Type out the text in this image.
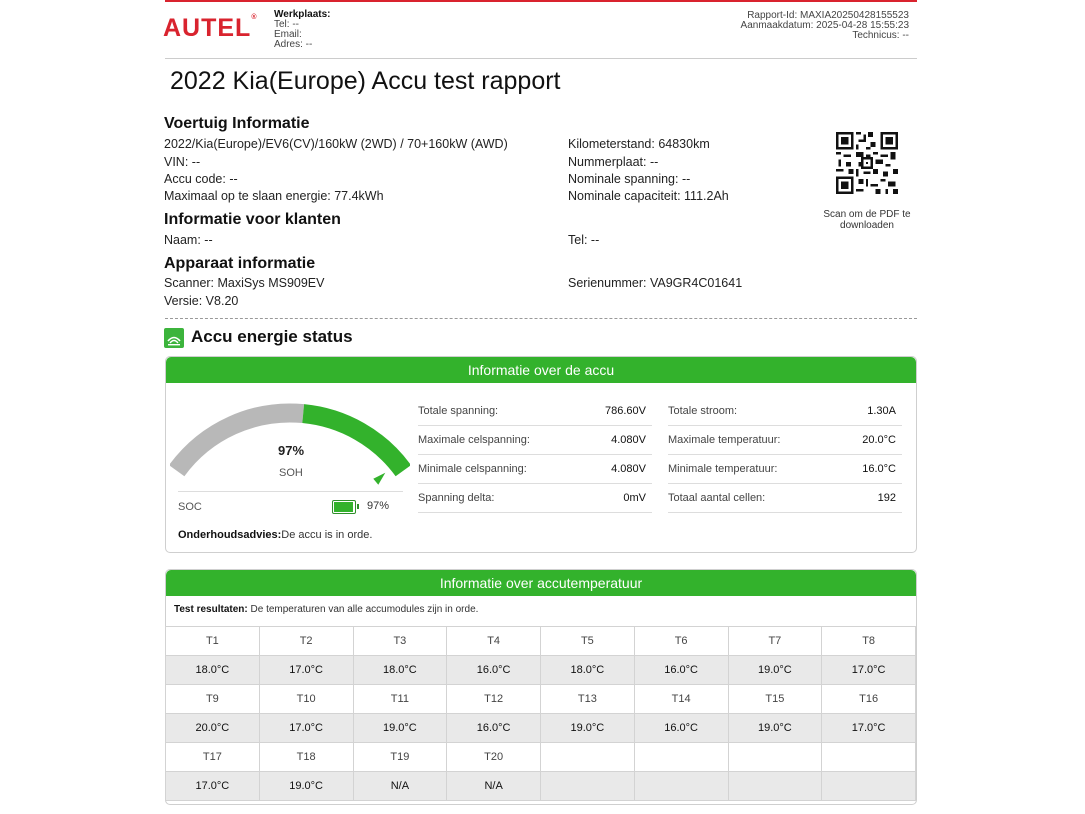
AUTEL® Werkplaats:
Tel: --
Email:
Adres: --
Rapport-Id: MAXIA20250428155523
Aanmaakdatum: 2025-04-28 15:55:23
Technicus: --
2022 Kia(Europe) Accu test rapport
Voertuig Informatie
2022/Kia(Europe)/EV6(CV)/160kW (2WD) / 70+160kW (AWD)
VIN: --
Accu code: --
Maximaal op te slaan energie: 77.4kWh
Kilometerstand: 64830km
Nummerplaat: --
Nominale spanning: --
Nominale capaciteit: 111.2Ah
Scan om de PDF te downloaden
Informatie voor klanten
Naam: --	Tel: --
Apparaat informatie
Scanner: MaxiSys MS909EV
Versie: V8.20
Serienummer: VA9GR4C01641
Accu energie status
Informatie over de accu
97%
SOH
SOC	97%
Onderhoudsadvies:De accu is in orde.
Totale spanning:	786.60V
Maximale celspanning:	4.080V
Minimale celspanning:	4.080V
Spanning delta:	0mV
Totale stroom:	1.30A
Maximale temperatuur:	20.0°C
Minimale temperatuur:	16.0°C
Totaal aantal cellen:	192
Informatie over accutemperatuur
Test resultaten: De temperaturen van alle accumodules zijn in orde.
T1	T2	T3	T4	T5	T6	T7	T8
18.0°C	17.0°C	18.0°C	16.0°C	18.0°C	16.0°C	19.0°C	17.0°C
T9	T10	T11	T12	T13	T14	T15	T16
20.0°C	17.0°C	19.0°C	16.0°C	19.0°C	16.0°C	19.0°C	17.0°C
T17	T18	T19	T20				
17.0°C	19.0°C	N/A	N/A				
